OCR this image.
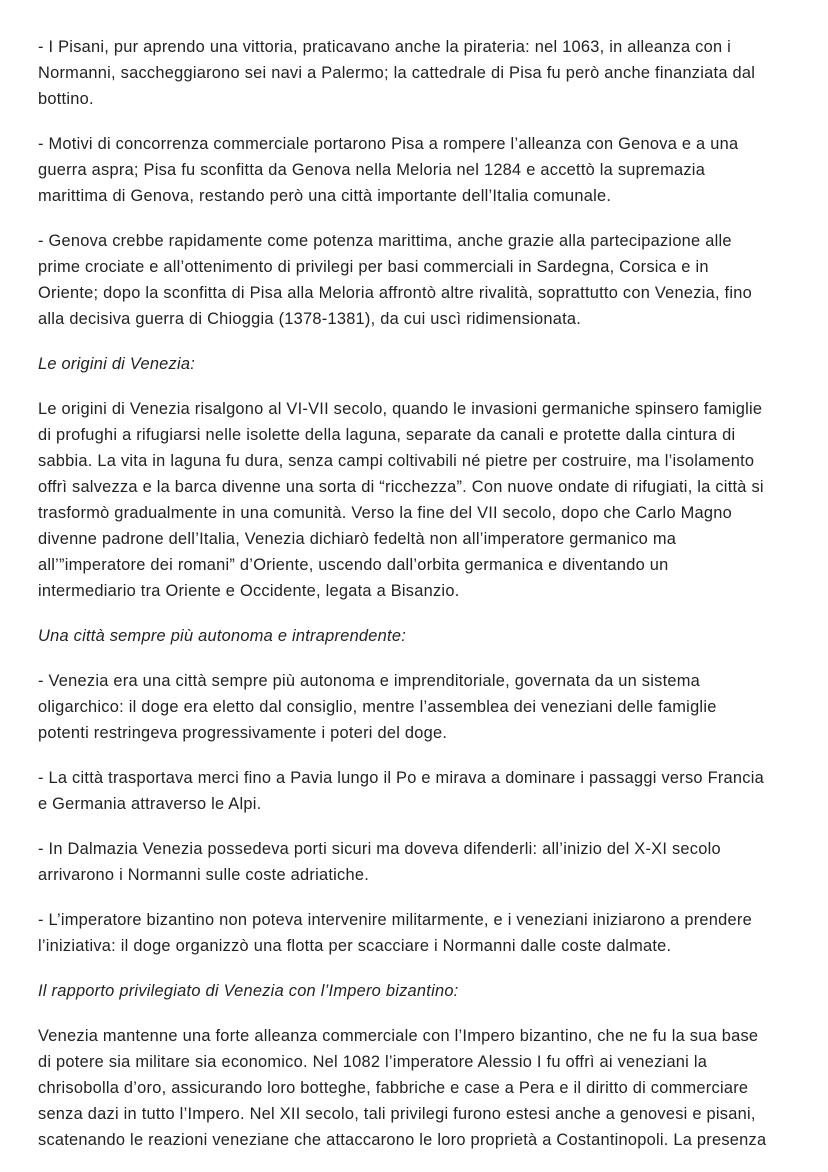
- I Pisani, pur aprendo una vittoria, praticavano anche la pirateria: nel 1063, in alleanza con i
Normanni, saccheggiarono sei navi a Palermo; la cattedrale di Pisa fu però anche finanziata dal
bottino.

- Motivi di concorrenza commerciale portarono Pisa a rompere l’alleanza con Genova e a una
guerra aspra; Pisa fu sconfitta da Genova nella Meloria nel 1284 e accettò la supremazia
marittima di Genova, restando però una città importante dell’Italia comunale.

- Genova crebbe rapidamente come potenza marittima, anche grazie alla partecipazione alle
prime crociate e all’ottenimento di privilegi per basi commerciali in Sardegna, Corsica e in
Oriente; dopo la sconfitta di Pisa alla Meloria affrontò altre rivalità, soprattutto con Venezia, fino
alla decisiva guerra di Chioggia (1378-1381), da cui uscì ridimensionata.

Le origini di Venezia:

Le origini di Venezia risalgono al VI-VII secolo, quando le invasioni germaniche spinsero famiglie
di profughi a rifugiarsi nelle isolette della laguna, separate da canali e protette dalla cintura di
sabbia. La vita in laguna fu dura, senza campi coltivabili né pietre per costruire, ma l’isolamento
offrì salvezza e la barca divenne una sorta di “ricchezza”. Con nuove ondate di rifugiati, la città si
trasformò gradualmente in una comunità. Verso la fine del VII secolo, dopo che Carlo Magno
divenne padrone dell’Italia, Venezia dichiarò fedeltà non all’imperatore germanico ma
all’”imperatore dei romani” d’Oriente, uscendo dall’orbita germanica e diventando un
intermediario tra Oriente e Occidente, legata a Bisanzio.

Una città sempre più autonoma e intraprendente:

- Venezia era una città sempre più autonoma e imprenditoriale, governata da un sistema
oligarchico: il doge era eletto dal consiglio, mentre l’assemblea dei veneziani delle famiglie
potenti restringeva progressivamente i poteri del doge.

- La città trasportava merci fino a Pavia lungo il Po e mirava a dominare i passaggi verso Francia
e Germania attraverso le Alpi.

- In Dalmazia Venezia possedeva porti sicuri ma doveva difenderli: all’inizio del X-XI secolo
arrivarono i Normanni sulle coste adriatiche.

- L’imperatore bizantino non poteva intervenire militarmente, e i veneziani iniziarono a prendere
l’iniziativa: il doge organizzò una flotta per scacciare i Normanni dalle coste dalmate.

Il rapporto privilegiato di Venezia con l’Impero bizantino:

Venezia mantenne una forte alleanza commerciale con l’Impero bizantino, che ne fu la sua base
di potere sia militare sia economico. Nel 1082 l’imperatore Alessio I fu offrì ai veneziani la
chrisobolla d’oro, assicurando loro botteghe, fabbriche e case a Pera e il diritto di commerciare
senza dazi in tutto l’Impero. Nel XII secolo, tali privilegi furono estesi anche a genovesi e pisani,
scatenando le reazioni veneziane che attaccarono le loro proprietà a Costantinopoli. La presenza
